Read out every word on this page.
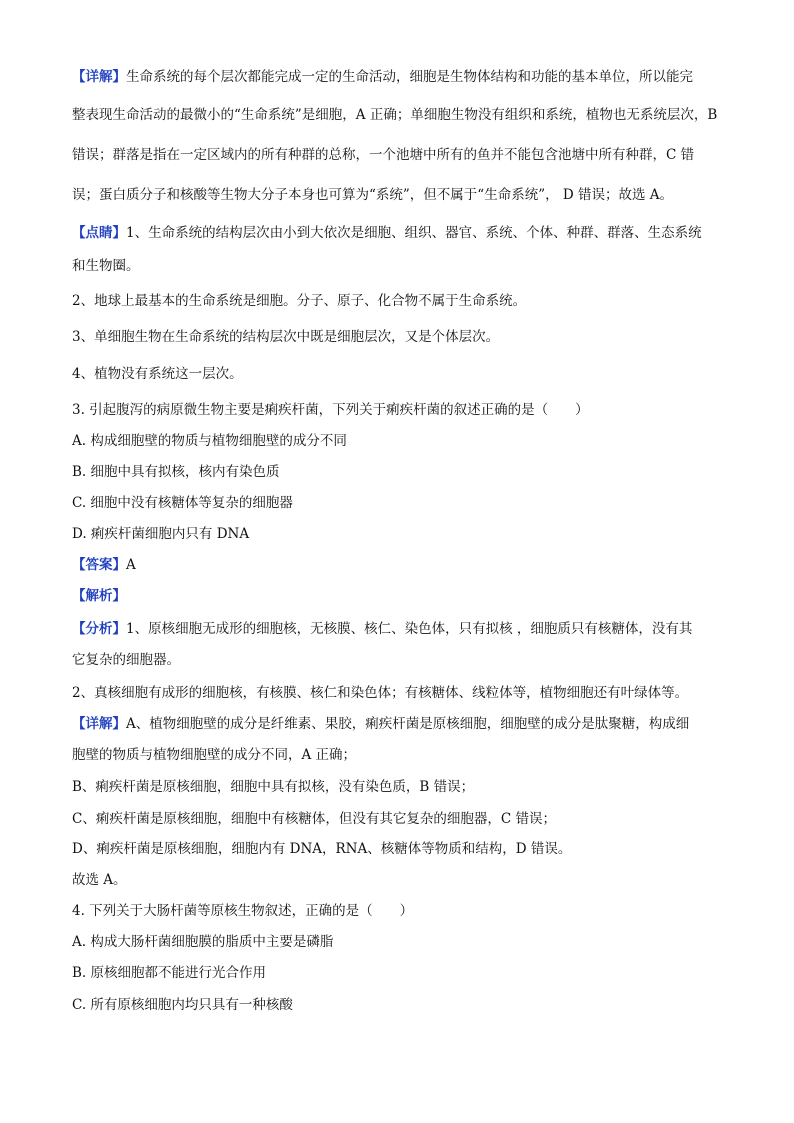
【详解】生命系统的每个层次都能完成一定的生命活动，细胞是生物体结构和功能的基本单位，所以能完
整表现生命活动的最微小的“生命系统”是细胞，A 正确；单细胞生物没有组织和系统，植物也无系统层次，B
错误；群落是指在一定区域内的所有种群的总称，一个池塘中所有的鱼并不能包含池塘中所有种群，C 错
误；蛋白质分子和核酸等生物大分子本身也可算为“系统”，但不属于“生命系统”， D 错误；故选 A。
【点睛】1、生命系统的结构层次由小到大依次是细胞、组织、器官、系统、个体、种群、群落、生态系统
和生物圈。
2、地球上最基本的生命系统是细胞。分子、原子、化合物不属于生命系统。
3、单细胞生物在生命系统的结构层次中既是细胞层次，又是个体层次。
4、植物没有系统这一层次。
3. 引起腹泻的病原微生物主要是痢疾杆菌，下列关于痢疾杆菌的叙述正确的是（　　）
A. 构成细胞壁的物质与植物细胞壁的成分不同
B. 细胞中具有拟核，核内有染色质
C. 细胞中没有核糖体等复杂的细胞器
D. 痢疾杆菌细胞内只有 DNA
【答案】A
【解析】
【分析】1、原核细胞无成形的细胞核，无核膜、核仁、染色体，只有拟核 ，细胞质只有核糖体，没有其
它复杂的细胞器。
2、真核细胞有成形的细胞核，有核膜、核仁和染色体；有核糖体、线粒体等，植物细胞还有叶绿体等。
【详解】A、植物细胞壁的成分是纤维素、果胶，痢疾杆菌是原核细胞，细胞壁的成分是肽聚糖，构成细
胞壁的物质与植物细胞壁的成分不同，A 正确；
B、痢疾杆菌是原核细胞，细胞中具有拟核，没有染色质，B 错误；
C、痢疾杆菌是原核细胞，细胞中有核糖体，但没有其它复杂的细胞器，C 错误；
D、痢疾杆菌是原核细胞，细胞内有 DNA，RNA、核糖体等物质和结构，D 错误。
故选 A。
4. 下列关于大肠杆菌等原核生物叙述，正确的是（　　）
A. 构成大肠杆菌细胞膜的脂质中主要是磷脂
B. 原核细胞都不能进行光合作用
C. 所有原核细胞内均只具有一种核酸
